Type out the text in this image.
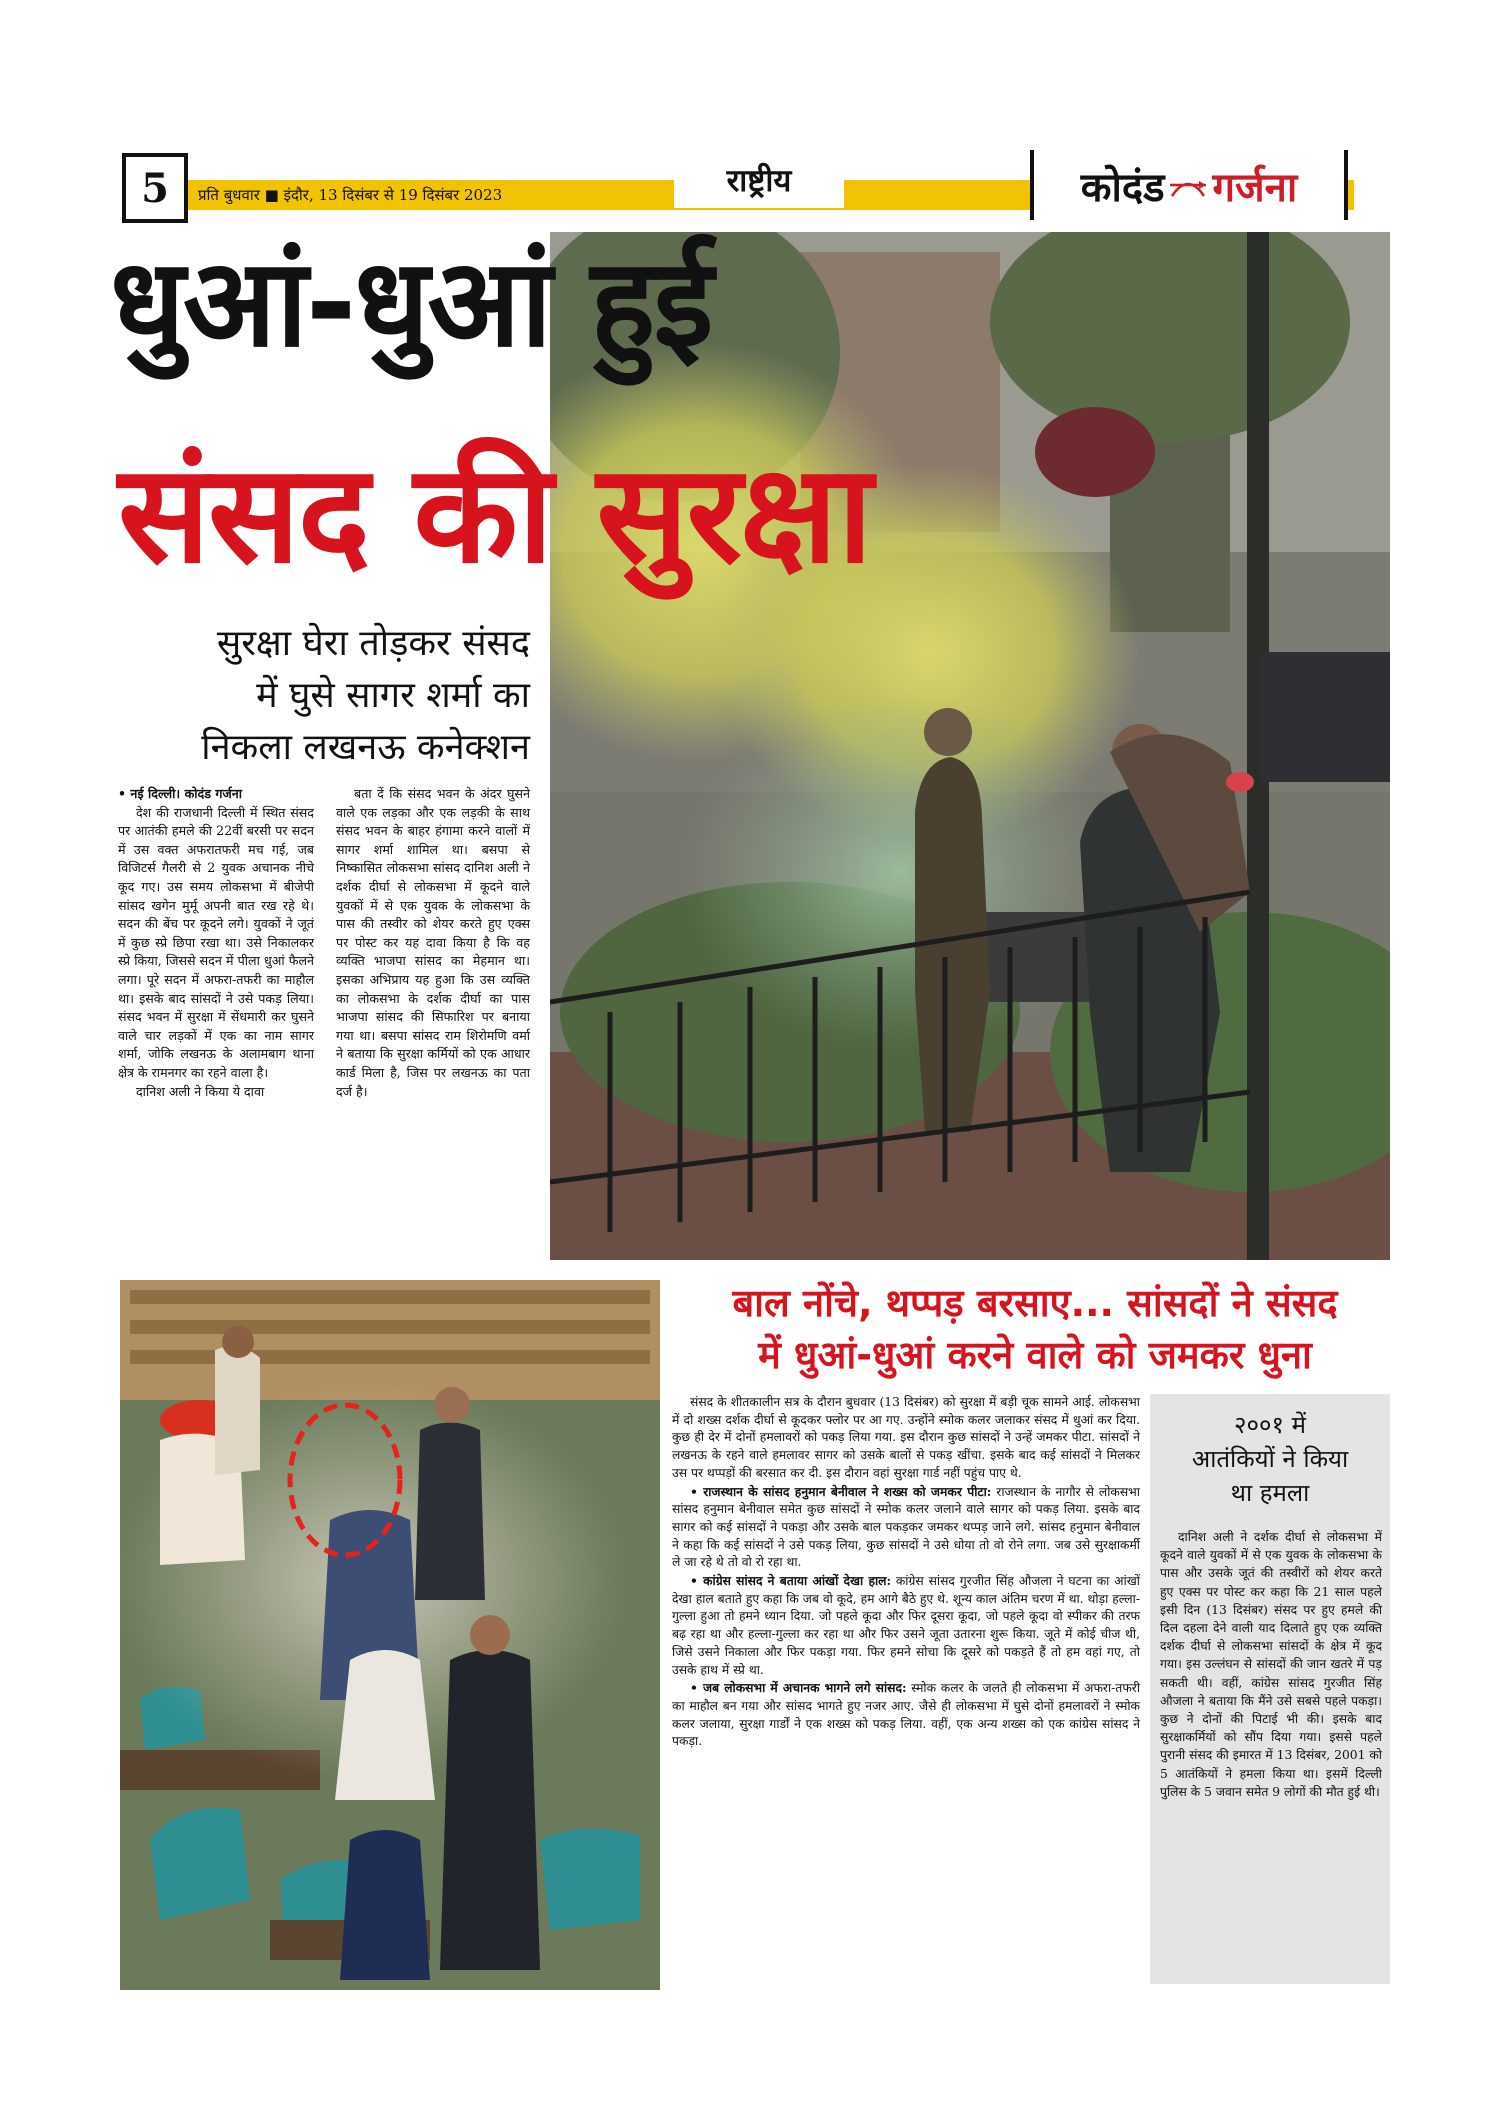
5	प्रति बुधवार ■ इंदौर, 13 दिसंबर से 19 दिसंबर 2023	राष्ट्रीय	कोदंड गर्जना
धुआं-धुआं हुई
संसद की सुरक्षा
सुरक्षा घेरा तोड़कर संसद
में घुसे सागर शर्मा का
निकला लखनऊ कनेक्शन
• नई दिल्ली। कोदंड गर्जना
देश की राजधानी दिल्ली में स्थित संसद पर आतंकी हमले की 22वीं बरसी पर सदन में उस वक्त अफरातफरी मच गई, जब विजिटर्स गैलरी से 2 युवक अचानक नीचे कूद गए। उस समय लोकसभा में बीजेपी सांसद खगेन मुर्मू अपनी बात रख रहे थे। सदन की बेंच पर कूदने लगे। युवकों ने जूतं में कुछ स्प्रे छिपा रखा था। उसे निकालकर स्प्रे किया, जिससे सदन में पीला धुआं फैलने लगा। पूरे सदन में अफरा-तफरी का माहौल था। इसके बाद सांसदों ने उसे पकड़ लिया। संसद भवन में सुरक्षा में सेंधमारी कर घुसने वाले चार लड़कों में एक का नाम सागर शर्मा, जोकि लखनऊ के अलामबाग थाना क्षेत्र के रामनगर का रहने वाला है।
दानिश अली ने किया ये दावा
बता दें कि संसद भवन के अंदर घुसने वाले एक लड़का और एक लड़की के साथ संसद भवन के बाहर हंगामा करने वालों में सागर शर्मा शामिल था। बसपा से निष्कासित लोकसभा सांसद दानिश अली ने दर्शक दीर्घा से लोकसभा में कूदने वाले युवकों में से एक युवक के लोकसभा के पास की तस्वीर को शेयर करते हुए एक्स पर पोस्ट कर यह दावा किया है कि वह व्यक्ति भाजपा सांसद का मेहमान था। इसका अभिप्राय यह हुआ कि उस व्यक्ति का लोकसभा के दर्शक दीर्घा का पास भाजपा सांसद की सिफारिश पर बनाया गया था। बसपा सांसद राम शिरोमणि वर्मा ने बताया कि सुरक्षा कर्मियों को एक आधार कार्ड मिला है, जिस पर लखनऊ का पता दर्ज है।
बाल नोंचे, थप्पड़ बरसाए... सांसदों ने संसद
में धुआं-धुआं करने वाले को जमकर धुना

संसद के शीतकालीन सत्र के दौरान बुधवार (13 दिसंबर) को सुरक्षा में बड़ी चूक सामने आई. लोकसभा में दो शख्स दर्शक दीर्घा से कूदकर फ्लोर पर आ गए. उन्होंने स्मोक कलर जलाकर संसद में धुआं कर दिया. कुछ ही देर में दोनों हमलावरों को पकड़ लिया गया. इस दौरान कुछ सांसदों ने उन्हें जमकर पीटा. सांसदों ने लखनऊ के रहने वाले हमलावर सागर को उसके बालों से पकड़ खींचा. इसके बाद कई सांसदों ने मिलकर उस पर थप्पड़ों की बरसात कर दी. इस दौरान वहां सुरक्षा गार्ड नहीं पहुंच पाए थे.

• राजस्थान के सांसद हनुमान बेनीवाल ने शख्स को जमकर पीटा: राजस्थान के नागौर से लोकसभा सांसद हनुमान बेनीवाल समेत कुछ सांसदों ने स्मोक कलर जलाने वाले सागर को पकड़ लिया. इसके बाद सागर को कई सांसदों ने पकड़ा और उसके बाल पकड़कर जमकर थप्पड़ जाने लगे. सांसद हनुमान बेनीवाल ने कहा कि कई सांसदों ने उसे पकड़ लिया, कुछ सांसदों ने उसे धोया तो वो रोने लगा. जब उसे सुरक्षाकर्मी ले जा रहे थे तो वो रो रहा था.

• कांग्रेस सांसद ने बताया आंखों देखा हाल: कांग्रेस सांसद गुरजीत सिंह औजला ने घटना का आंखों देखा हाल बताते हुए कहा कि जब वो कूदे, हम आगे बैठे हुए थे. शून्य काल अंतिम चरण में था. थोड़ा हल्ला-गुल्ला हुआ तो हमने ध्यान दिया. जो पहले कूदा और फिर दूसरा कूदा, जो पहले कूदा वो स्पीकर की तरफ बढ़ रहा था और हल्ला-गुल्ला कर रहा था और फिर उसने जूता उतारना शुरू किया. जूते में कोई चीज थी, जिसे उसने निकाला और फिर पकड़ा गया. फिर हमने सोचा कि दूसरे को पकड़ते हैं तो हम वहां गए, तो उसके हाथ में स्प्रे था.

• जब लोकसभा में अचानक भागने लगे सांसद: स्मोक कलर के जलते ही लोकसभा में अफरा-तफरी का माहौल बन गया और सांसद भागते हुए नजर आए. जैसे ही लोकसभा में घुसे दोनों हमलावरों ने स्मोक कलर जलाया, सुरक्षा गार्डों ने एक शख्स को पकड़ लिया. वहीं, एक अन्य शख्स को एक कांग्रेस सांसद ने पकड़ा.

२००१ में
आतंकियों ने किया
था हमला
दानिश अली ने दर्शक दीर्घा से लोकसभा में कूदने वाले युवकों में से एक युवक के लोकसभा के पास और उसके जूतं की तस्वीरों को शेयर करते हुए एक्स पर पोस्ट कर कहा कि 21 साल पहले इसी दिन (13 दिसंबर) संसद पर हुए हमले की दिल दहला देने वाली याद दिलाते हुए एक व्यक्ति दर्शक दीर्घा से लोकसभा सांसदों के क्षेत्र में कूद गया। इस उल्लंघन से सांसदों की जान खतरे में पड़ सकती थी। वहीं, कांग्रेस सांसद गुरजीत सिंह औजला ने बताया कि मैंने उसे सबसे पहले पकड़ा। कुछ ने दोनों की पिटाई भी की। इसके बाद सुरक्षाकर्मियों को सौंप दिया गया। इससे पहले पुरानी संसद की इमारत में 13 दिसंबर, 2001 को 5 आतंकियों ने हमला किया था। इसमें दिल्ली पुलिस के 5 जवान समेत 9 लोगों की मौत हुई थी।
